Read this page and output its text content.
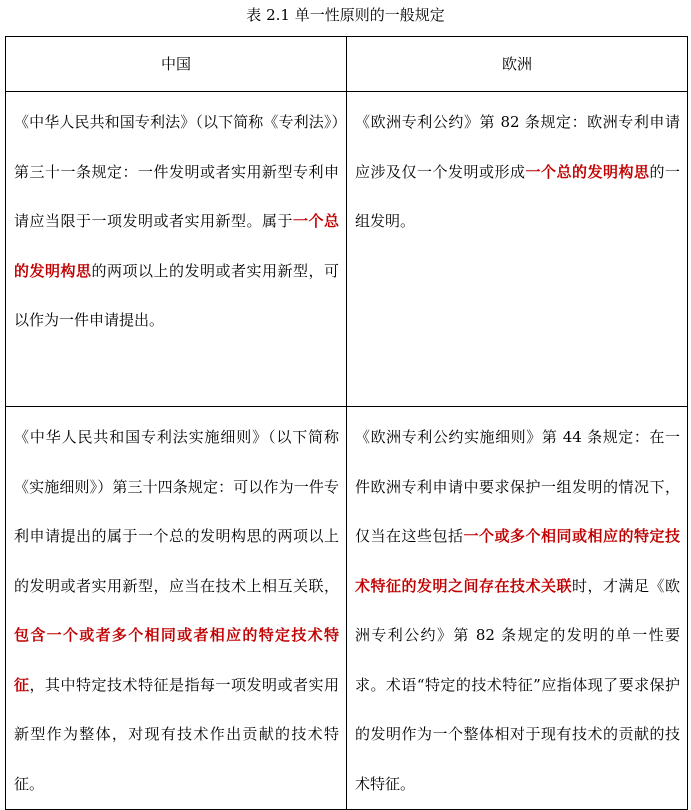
表 2.1 单一性原则的一般规定
中国	欧洲

《中华人民共和国专利法》（以下简称《专利法》）第三十一条规定：一件发明或者实用新型专利申请应当限于一项发明或者实用新型。属于一个总的发明构思的两项以上的发明或者实用新型，可以作为一件申请提出。	《欧洲专利公约》第 82 条规定：欧洲专利申请应涉及仅一个发明或形成一个总的发明构思的一组发明。

《中华人民共和国专利法实施细则》（以下简称《实施细则》）第三十四条规定：可以作为一件专利申请提出的属于一个总的发明构思的两项以上的发明或者实用新型，应当在技术上相互关联，包含一个或者多个相同或者相应的特定技术特征，其中特定技术特征是指每一项发明或者实用新型作为整体，对现有技术作出贡献的技术特征。	《欧洲专利公约实施细则》第 44 条规定：在一件欧洲专利申请中要求保护一组发明的情况下，仅当在这些包括一个或多个相同或相应的特定技术特征的发明之间存在技术关联时，才满足《欧洲专利公约》第 82 条规定的发明的单一性要求。术语“特定的技术特征”应指体现了要求保护的发明作为一个整体相对于现有技术的贡献的技术特征。
